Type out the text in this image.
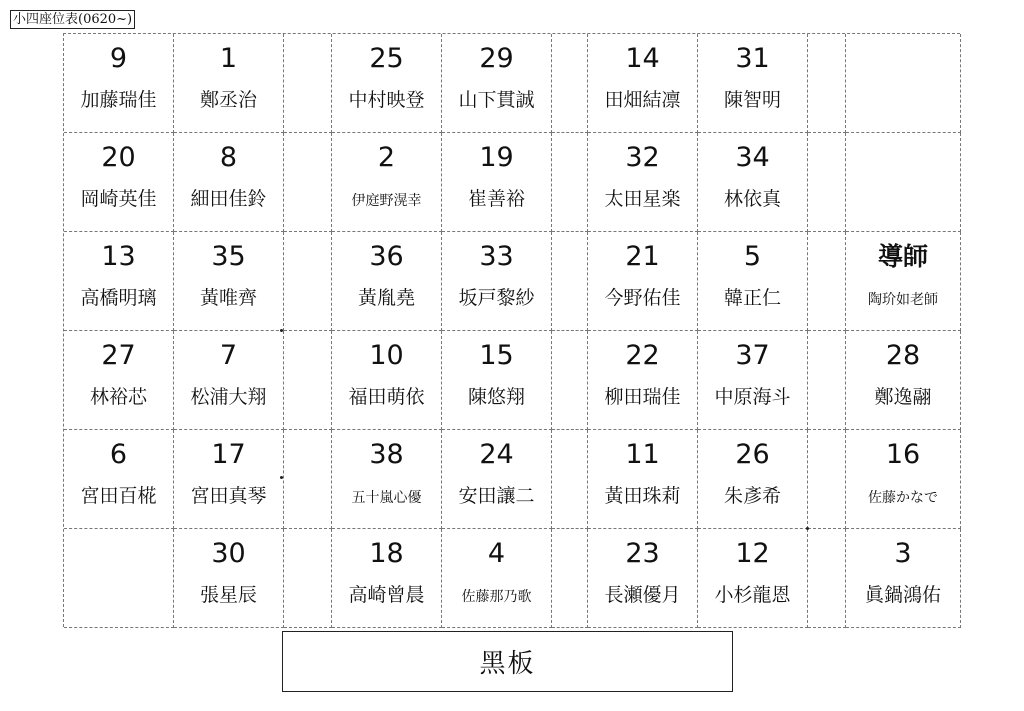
小四座位表(0620~)
9
加藤瑞佳
1
鄭丞治
25
中村映登
29
山下貫誠
14
田畑結凛
31
陳智明
20
岡崎英佳
8
細田佳鈴
2
伊庭野滉幸
19
崔善裕
32
太田星楽
34
林依真
13
高橋明璃
35
黃唯齊
36
黃胤堯
33
坂戸黎紗
21
今野佑佳
5
韓正仁
導師
陶玠如老師
27
林裕芯
7
松浦大翔
10
福田萌依
15
陳悠翔
22
柳田瑞佳
37
中原海斗
28
鄭逸翮
6
宮田百椛
17
宮田真琴
38
五十嵐心優
24
安田讓二
11
黃田珠莉
26
朱彥希
16
佐藤かなで
30
張星辰
18
高崎曾晨
4
佐藤那乃歌
23
長瀬優月
12
小杉龍恩
3
眞鍋鴻佑
黑板
